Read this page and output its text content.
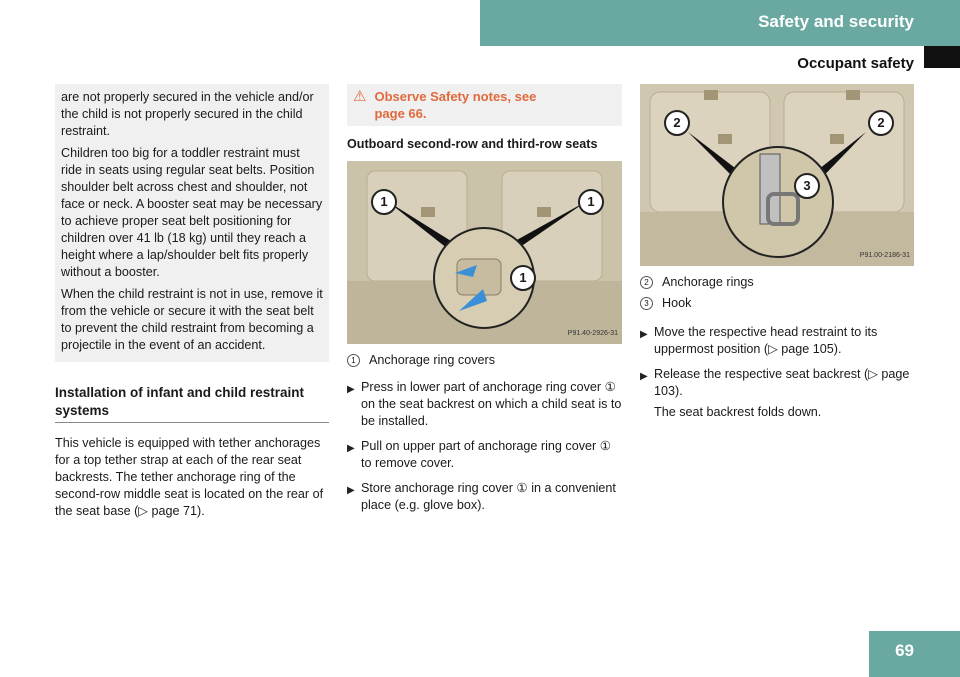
Safety and security
Occupant safety
69

are not properly secured in the vehicle and/or the child is not properly secured in the child restraint.

Children too big for a toddler restraint must ride in seats using regular seat belts. Position shoulder belt across chest and shoulder, not face or neck. A booster seat may be necessary to achieve proper seat belt positioning for children over 41 lb (18 kg) until they reach a height where a lap/shoulder belt fits properly without a booster.

When the child restraint is not in use, remove it from the vehicle or secure it with the seat belt to prevent the child restraint from becoming a projectile in the event of an accident.

Installation of infant and child restraint systems

This vehicle is equipped with tether anchorages for a top tether strap at each of the rear seat backrests. The tether anchorage ring of the second-row middle seat is located on the rear of the seat base (▷ page 71).

⚠ Observe Safety notes, see
page 66.
Outboard second-row and third-row seats
1	1
1
P91.40-2926-31
1	Anchorage ring covers
▶ Press in lower part of anchorage ring cover ① on the seat backrest on which a child seat is to be installed.
▶ Pull on upper part of anchorage ring cover ① to remove cover.
▶ Store anchorage ring cover ① in a convenient place (e.g. glove box).
2	2
3
P91.00-2186-31
2	Anchorage rings
3	Hook
▶ Move the respective head restraint to its uppermost position (▷ page 105).
▶ Release the respective seat backrest (▷ page 103).
The seat backrest folds down.
